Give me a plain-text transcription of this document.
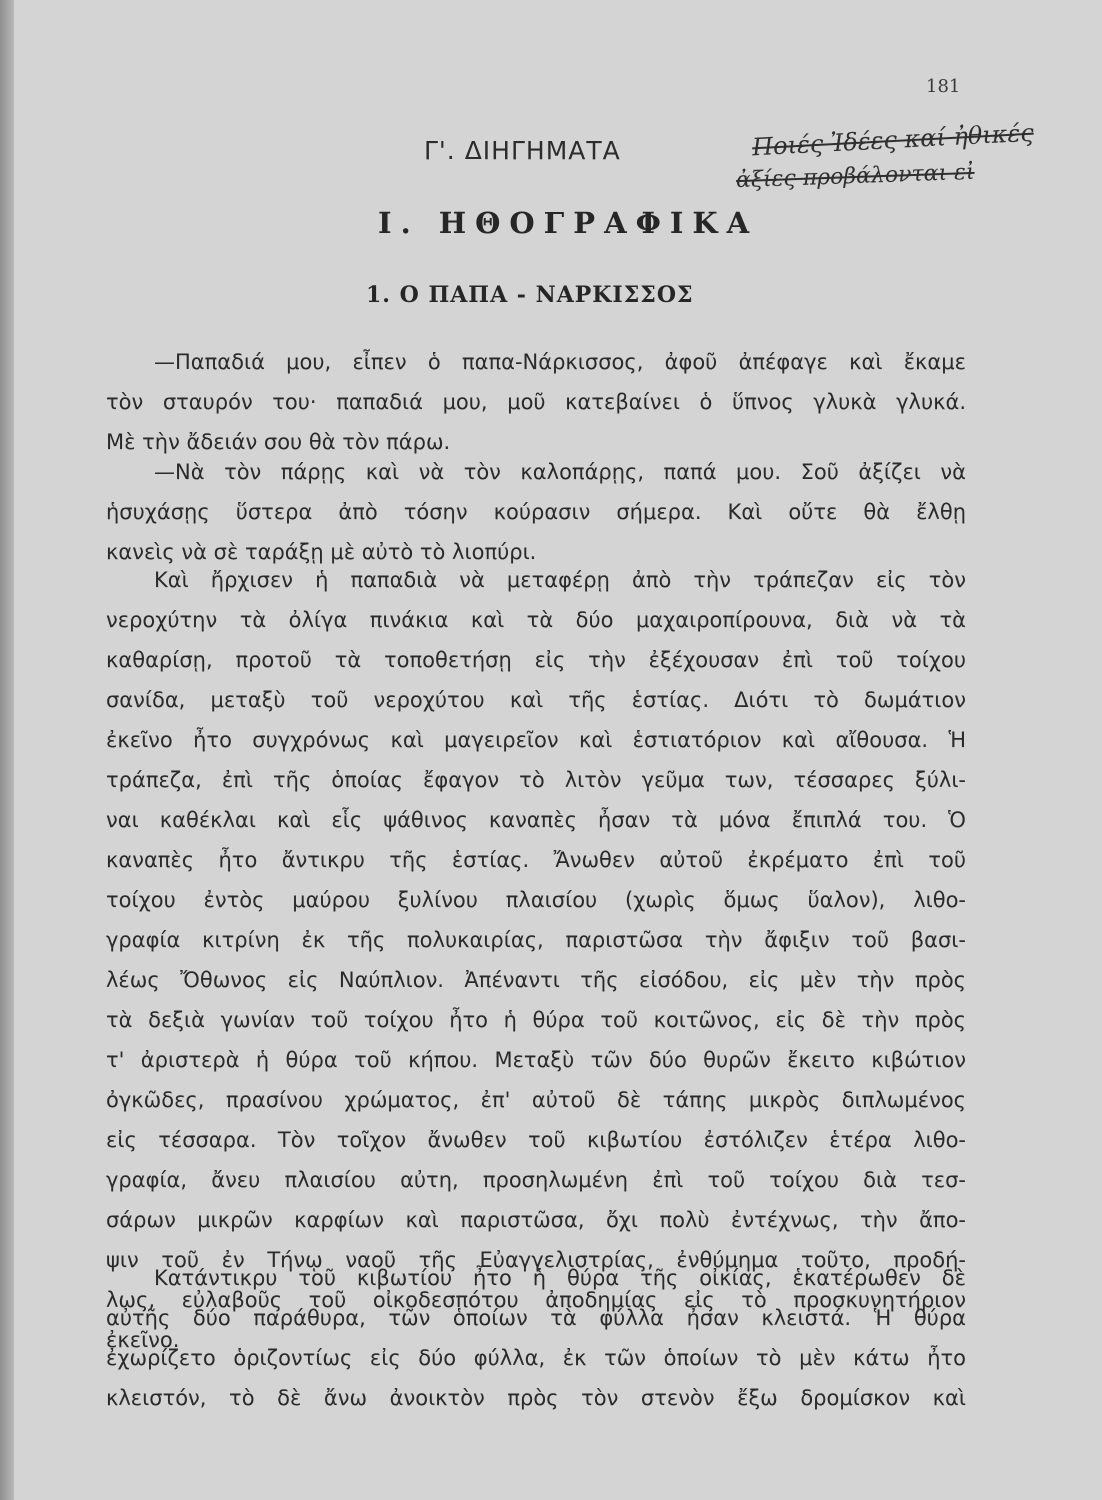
181
Γ'. ΔΙΗΓΗΜΑΤΑ	Ποιές Ἰδέες καί ἠθικές
ἀξίες προβάλονται εἰ
Ι. ΗΘΟΓΡΑΦΙΚΑ
1. Ο ΠΑΠΑ - ΝΑΡΚΙΣΣΟΣ
—Παπαδιά μου, εἶπεν ὁ παπα-Νάρκισσος, ἀφοῦ ἀπέφαγε καὶ ἔκαμε
τὸν σταυρόν του· παπαδιά μου, μοῦ κατεβαίνει ὁ ὕπνος γλυκὰ γλυκά.
Μὲ τὴν ἄδειάν σου θὰ τὸν πάρω.
—Νὰ τὸν πάρῃς καὶ νὰ τὸν καλοπάρῃς, παπά μου. Σοῦ ἀξίζει νὰ
ἡσυχάσῃς ὕστερα ἀπὸ τόσην κούρασιν σήμερα. Καὶ οὔτε θὰ ἔλθῃ
κανεὶς νὰ σὲ ταράξῃ μὲ αὐτὸ τὸ λιοπύρι.
Καὶ ἤρχισεν ἡ παπαδιὰ νὰ μεταφέρῃ ἀπὸ τὴν τράπεζαν εἰς τὸν
νεροχύτην τὰ ὀλίγα πινάκια καὶ τὰ δύο μαχαιροπίρουνα, διὰ νὰ τὰ
καθαρίσῃ, προτοῦ τὰ τοποθετήσῃ εἰς τὴν ἐξέχουσαν ἐπὶ τοῦ τοίχου
σανίδα, μεταξὺ τοῦ νεροχύτου καὶ τῆς ἑστίας. Διότι τὸ δωμάτιον
ἐκεῖνο ἦτο συγχρόνως καὶ μαγειρεῖον καὶ ἑστιατόριον καὶ αἴθουσα. Ἡ
τράπεζα, ἐπὶ τῆς ὁποίας ἔφαγον τὸ λιτὸν γεῦμα των, τέσσαρες ξύλι-
ναι καθέκλαι καὶ εἷς ψάθινος καναπὲς ἦσαν τὰ μόνα ἔπιπλά του. Ὁ
καναπὲς ἦτο ἄντικρυ τῆς ἑστίας. Ἄνωθεν αὐτοῦ ἐκρέματο ἐπὶ τοῦ
τοίχου ἐντὸς μαύρου ξυλίνου πλαισίου (χωρὶς ὅμως ὕαλον), λιθο-
γραφία κιτρίνη ἐκ τῆς πολυκαιρίας, παριστῶσα τὴν ἄφιξιν τοῦ βασι-
λέως Ὄθωνος εἰς Ναύπλιον. Ἀπέναντι τῆς εἰσόδου, εἰς μὲν τὴν πρὸς
τὰ δεξιὰ γωνίαν τοῦ τοίχου ἦτο ἡ θύρα τοῦ κοιτῶνος, εἰς δὲ τὴν πρὸς
τ' ἀριστερὰ ἡ θύρα τοῦ κήπου. Μεταξὺ τῶν δύο θυρῶν ἔκειτο κιβώτιον
ὀγκῶδες, πρασίνου χρώματος, ἐπ' αὐτοῦ δὲ τάπης μικρὸς διπλωμένος
εἰς τέσσαρα. Τὸν τοῖχον ἄνωθεν τοῦ κιβωτίου ἐστόλιζεν ἑτέρα λιθο-
γραφία, ἄνευ πλαισίου αὐτη, προσηλωμένη ἐπὶ τοῦ τοίχου διὰ τεσ-
σάρων μικρῶν καρφίων καὶ παριστῶσα, ὄχι πολὺ ἐντέχνως, τὴν ἄπο-
ψιν τοῦ ἐν Τήνῳ ναοῦ τῆς Εὐαγγελιστρίας, ἐνθύμημα τοῦτο, προδή-
λως, εὐλαβοῦς τοῦ οἰκοδεσπότου ἀποδημίας εἰς τὸ προσκυνητήριον
ἐκεῖνο.
Κατάντικρυ τοῦ κιβωτίου ἦτο ἡ θύρα τῆς οἰκίας, ἑκατέρωθεν δὲ
αὐτῆς δύο παράθυρα, τῶν ὁποίων τὰ φύλλα ἦσαν κλειστά. Ἡ θύρα
ἐχωρίζετο ὁριζοντίως εἰς δύο φύλλα, ἐκ τῶν ὁποίων τὸ μὲν κάτω ἦτο
κλειστόν, τὸ δὲ ἄνω ἀνοικτὸν πρὸς τὸν στενὸν ἔξω δρομίσκον καὶ
